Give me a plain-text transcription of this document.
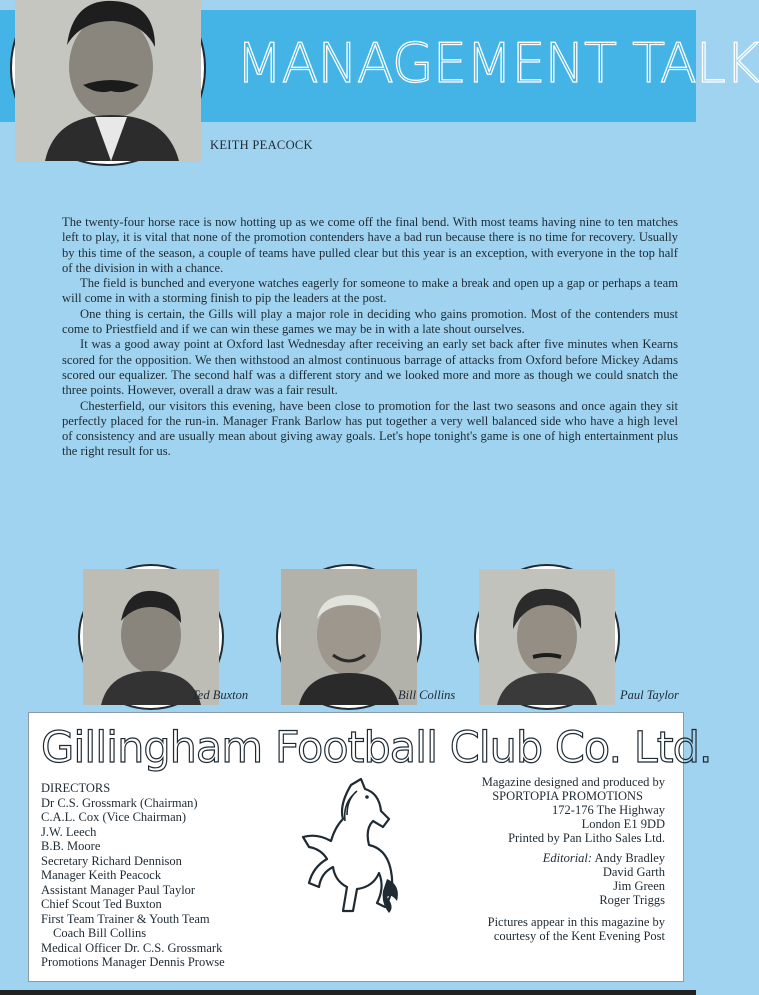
MANAGEMENT TALK
KEITH PEACOCK

The twenty-four horse race is now hotting up as we come off the final bend. With most teams having nine to ten matches left to play, it is vital that none of the promotion contenders have a bad run because there is no time for recovery. Usually by this time of the season, a couple of teams have pulled clear but this year is an exception, with everyone in the top half of the division in with a chance.

The field is bunched and everyone watches eagerly for someone to make a break and open up a gap or perhaps a team will come in with a storming finish to pip the leaders at the post.

One thing is certain, the Gills will play a major role in deciding who gains promotion. Most of the contenders must come to Priestfield and if we can win these games we may be in with a late shout ourselves.

It was a good away point at Oxford last Wednesday after receiving an early set back after five minutes when Kearns scored for the opposition. We then withstood an almost continuous barrage of attacks from Oxford before Mickey Adams scored our equalizer. The second half was a different story and we looked more and more as though we could snatch the three points. However, overall a draw was a fair result.

Chesterfield, our visitors this evening, have been close to promotion for the last two seasons and once again they sit perfectly placed for the run-in. Manager Frank Barlow has put together a very well balanced side who have a high level of consistency and are usually mean about giving away goals. Let's hope tonight's game is one of high entertainment plus the right result for us.

Ted Buxton	Bill Collins	Paul Taylor
Gillingham Football Club Co. Ltd.
DIRECTORS
Dr C.S. Grossmark (Chairman)
C.A.L. Cox (Vice Chairman)
J.W. Leech
B.B. Moore
Secretary Richard Dennison
Manager Keith Peacock
Assistant Manager Paul Taylor
Chief Scout Ted Buxton
First Team Trainer & Youth Team
Coach Bill Collins
Medical Officer Dr. C.S. Grossmark
Promotions Manager Dennis Prowse
Magazine designed and produced by
SPORTOPIA PROMOTIONS
172-176 The Highway
London E1 9DD
Printed by Pan Litho Sales Ltd.
Editorial: Andy Bradley
David Garth
Jim Green
Roger Triggs
Pictures appear in this magazine by
courtesy of the Kent Evening Post
